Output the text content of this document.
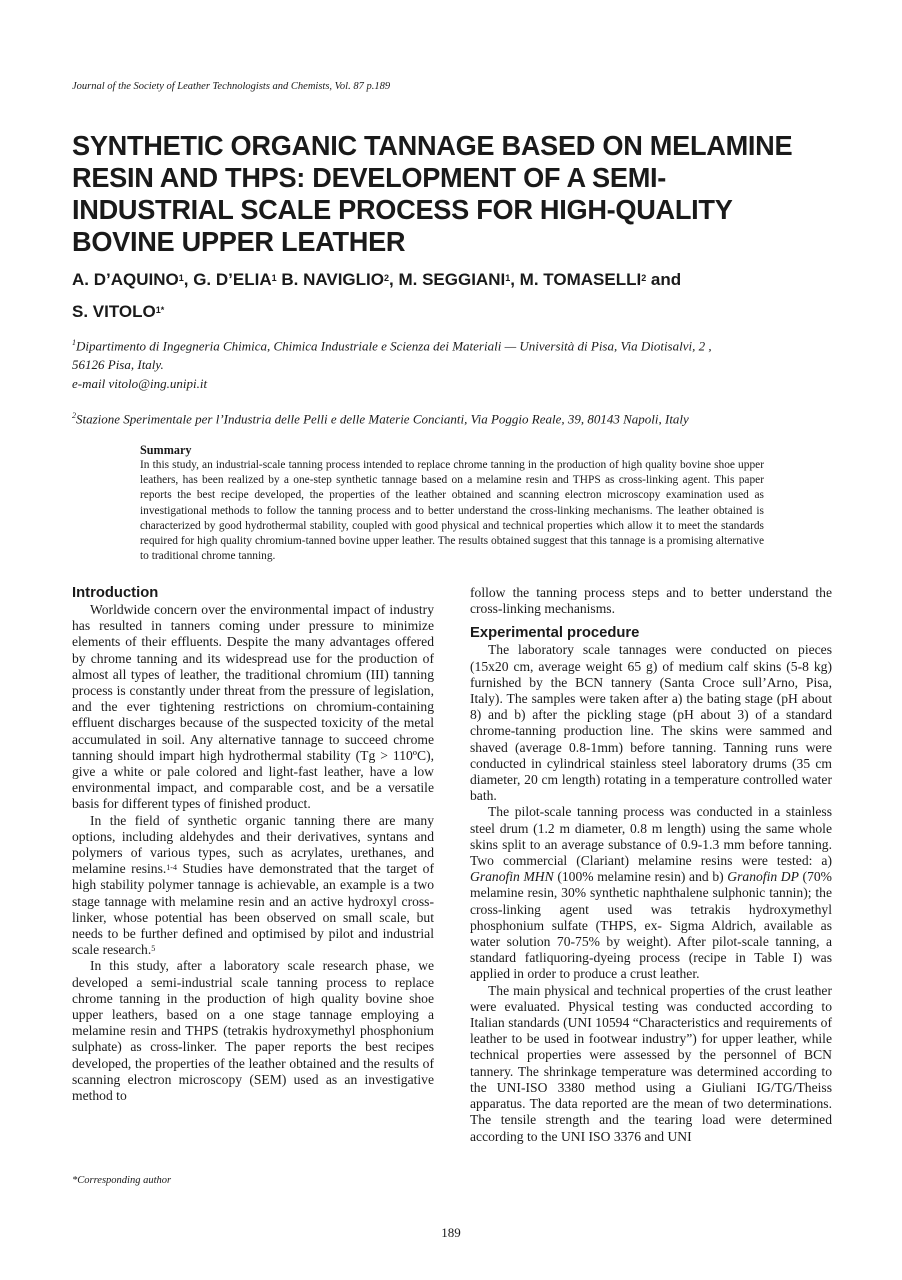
Journal of the Society of Leather Technologists and Chemists, Vol. 87 p.189
SYNTHETIC ORGANIC TANNAGE BASED ON MELAMINE RESIN AND THPS: DEVELOPMENT OF A SEMI-INDUSTRIAL SCALE PROCESS FOR HIGH-QUALITY BOVINE UPPER LEATHER
A. D’AQUINO$^1$, G. D’ELIA$^1$ B. NAVIGLIO$^2$, M. SEGGIANI$^1$, M. TOMASELLI$^2$ and
S. $VITOLO^{1*}$

$^1$Dipartimento di Ingegneria Chimica, Chimica Industriale e Scienza dei Materiali — Università di Pisa, Via Diotisalvi, 2 ,
56126 Pisa, Italy.

e-mail vitolo@ing.unipi.it

$^2$Stazione Sperimentale per l’Industria delle Pelli e delle Materie Concianti, Via Poggio Reale, 39, 80143 Napoli, Italy

Summary

In this study, an industrial-scale tanning process intended to replace chrome tanning in the production of high quality bovine shoe upper leathers, has been realized by a one-step synthetic tannage based on a melamine resin and THPS as cross-linking agent. This paper reports the best recipe developed, the properties of the leather obtained and scanning electron microscopy examination used as investigational methods to follow the tanning process and to better understand the cross-linking mechanisms. The leather obtained is characterized by good hydrothermal stability, coupled with good physical and technical properties which allow it to meet the standards required for high quality chromium-tanned bovine upper leather. The results obtained suggest that this tannage is a promising alternative to traditional chrome tanning.

Introduction

Worldwide concern over the environmental impact of industry has resulted in tanners coming under pressure to minimize elements of their effluents. Despite the many advantages offered by chrome tanning and its widespread use for the production of almost all types of leather, the traditional chromium (III) tanning process is constantly under threat from the pressure of legislation, and the ever tightening restrictions on chromium-containing effluent discharges because of the suspected toxicity of the metal accumulated in soil. Any alternative tannage to succeed chrome tanning should impart high hydrothermal stability (Tg > 110ºC), give a white or pale colored and light-fast leather, have a low environmental impact, and comparable cost, and be a versatile basis for different types of finished product.

In the field of synthetic organic tanning there are many options, including aldehydes and their derivatives, syntans and polymers of various types, such as acrylates, urethanes, and melamine resins.$^{1-4}$ Studies have demonstrated that the target of high stability polymer tannage is achievable, an example is a two stage tannage with melamine resin and an active hydroxyl cross-linker, whose potential has been observed on small scale, but needs to be further defined and optimised by pilot and industrial scale research.$^5$

In this study, after a laboratory scale research phase, we developed a semi-industrial scale tanning process to replace chrome tanning in the production of high quality bovine shoe upper leathers, based on a one stage tannage employing a melamine resin and THPS (tetrakis hydroxymethyl phosphonium sulphate) as cross-linker. The paper reports the best recipes developed, the properties of the leather obtained and the results of scanning electron microscopy (SEM) used as an investigative method to

*Corresponding author

follow the tanning process steps and to better understand the cross-linking mechanisms.

Experimental procedure

The laboratory scale tannages were conducted on pieces (15x20 cm, average weight 65 g) of medium calf skins (5-8 kg) furnished by the BCN tannery (Santa Croce sull’Arno, Pisa, Italy). The samples were taken after a) the bating stage (pH about 8) and b) after the pickling stage (pH about 3) of a standard chrome-tanning production line. The skins were sammed and shaved (average 0.8-1mm) before tanning. Tanning runs were conducted in cylindrical stainless steel laboratory drums (35 cm diameter, 20 cm length) rotating in a temperature controlled water bath.

The pilot-scale tanning process was conducted in a stainless steel drum (1.2 m diameter, 0.8 m length) using the same whole skins split to an average substance of 0.9-1.3 mm before tanning. Two commercial (Clariant) melamine resins were tested: a) Granofin MHN (100% melamine resin) and b) Granofin DP (70% melamine resin, 30% synthetic naphthalene sulphonic tannin); the cross-linking agent used was tetrakis hydroxymethyl phosphonium sulfate (THPS, ex- Sigma Aldrich, available as water solution 70-75% by weight). After pilot-scale tanning, a standard fatliquoring-dyeing process (recipe in Table I) was applied in order to produce a crust leather.

The main physical and technical properties of the crust leather were evaluated. Physical testing was conducted according to Italian standards (UNI 10594 “Characteristics and requirements of leather to be used in footwear industry”) for upper leather, while technical properties were assessed by the personnel of BCN tannery. The shrinkage temperature was determined according to the UNI-ISO 3380 method using a Giuliani IG/TG/Theiss apparatus. The data reported are the mean of two determinations. The tensile strength and the tearing load were determined according to the UNI ISO 3376 and UNI

189
